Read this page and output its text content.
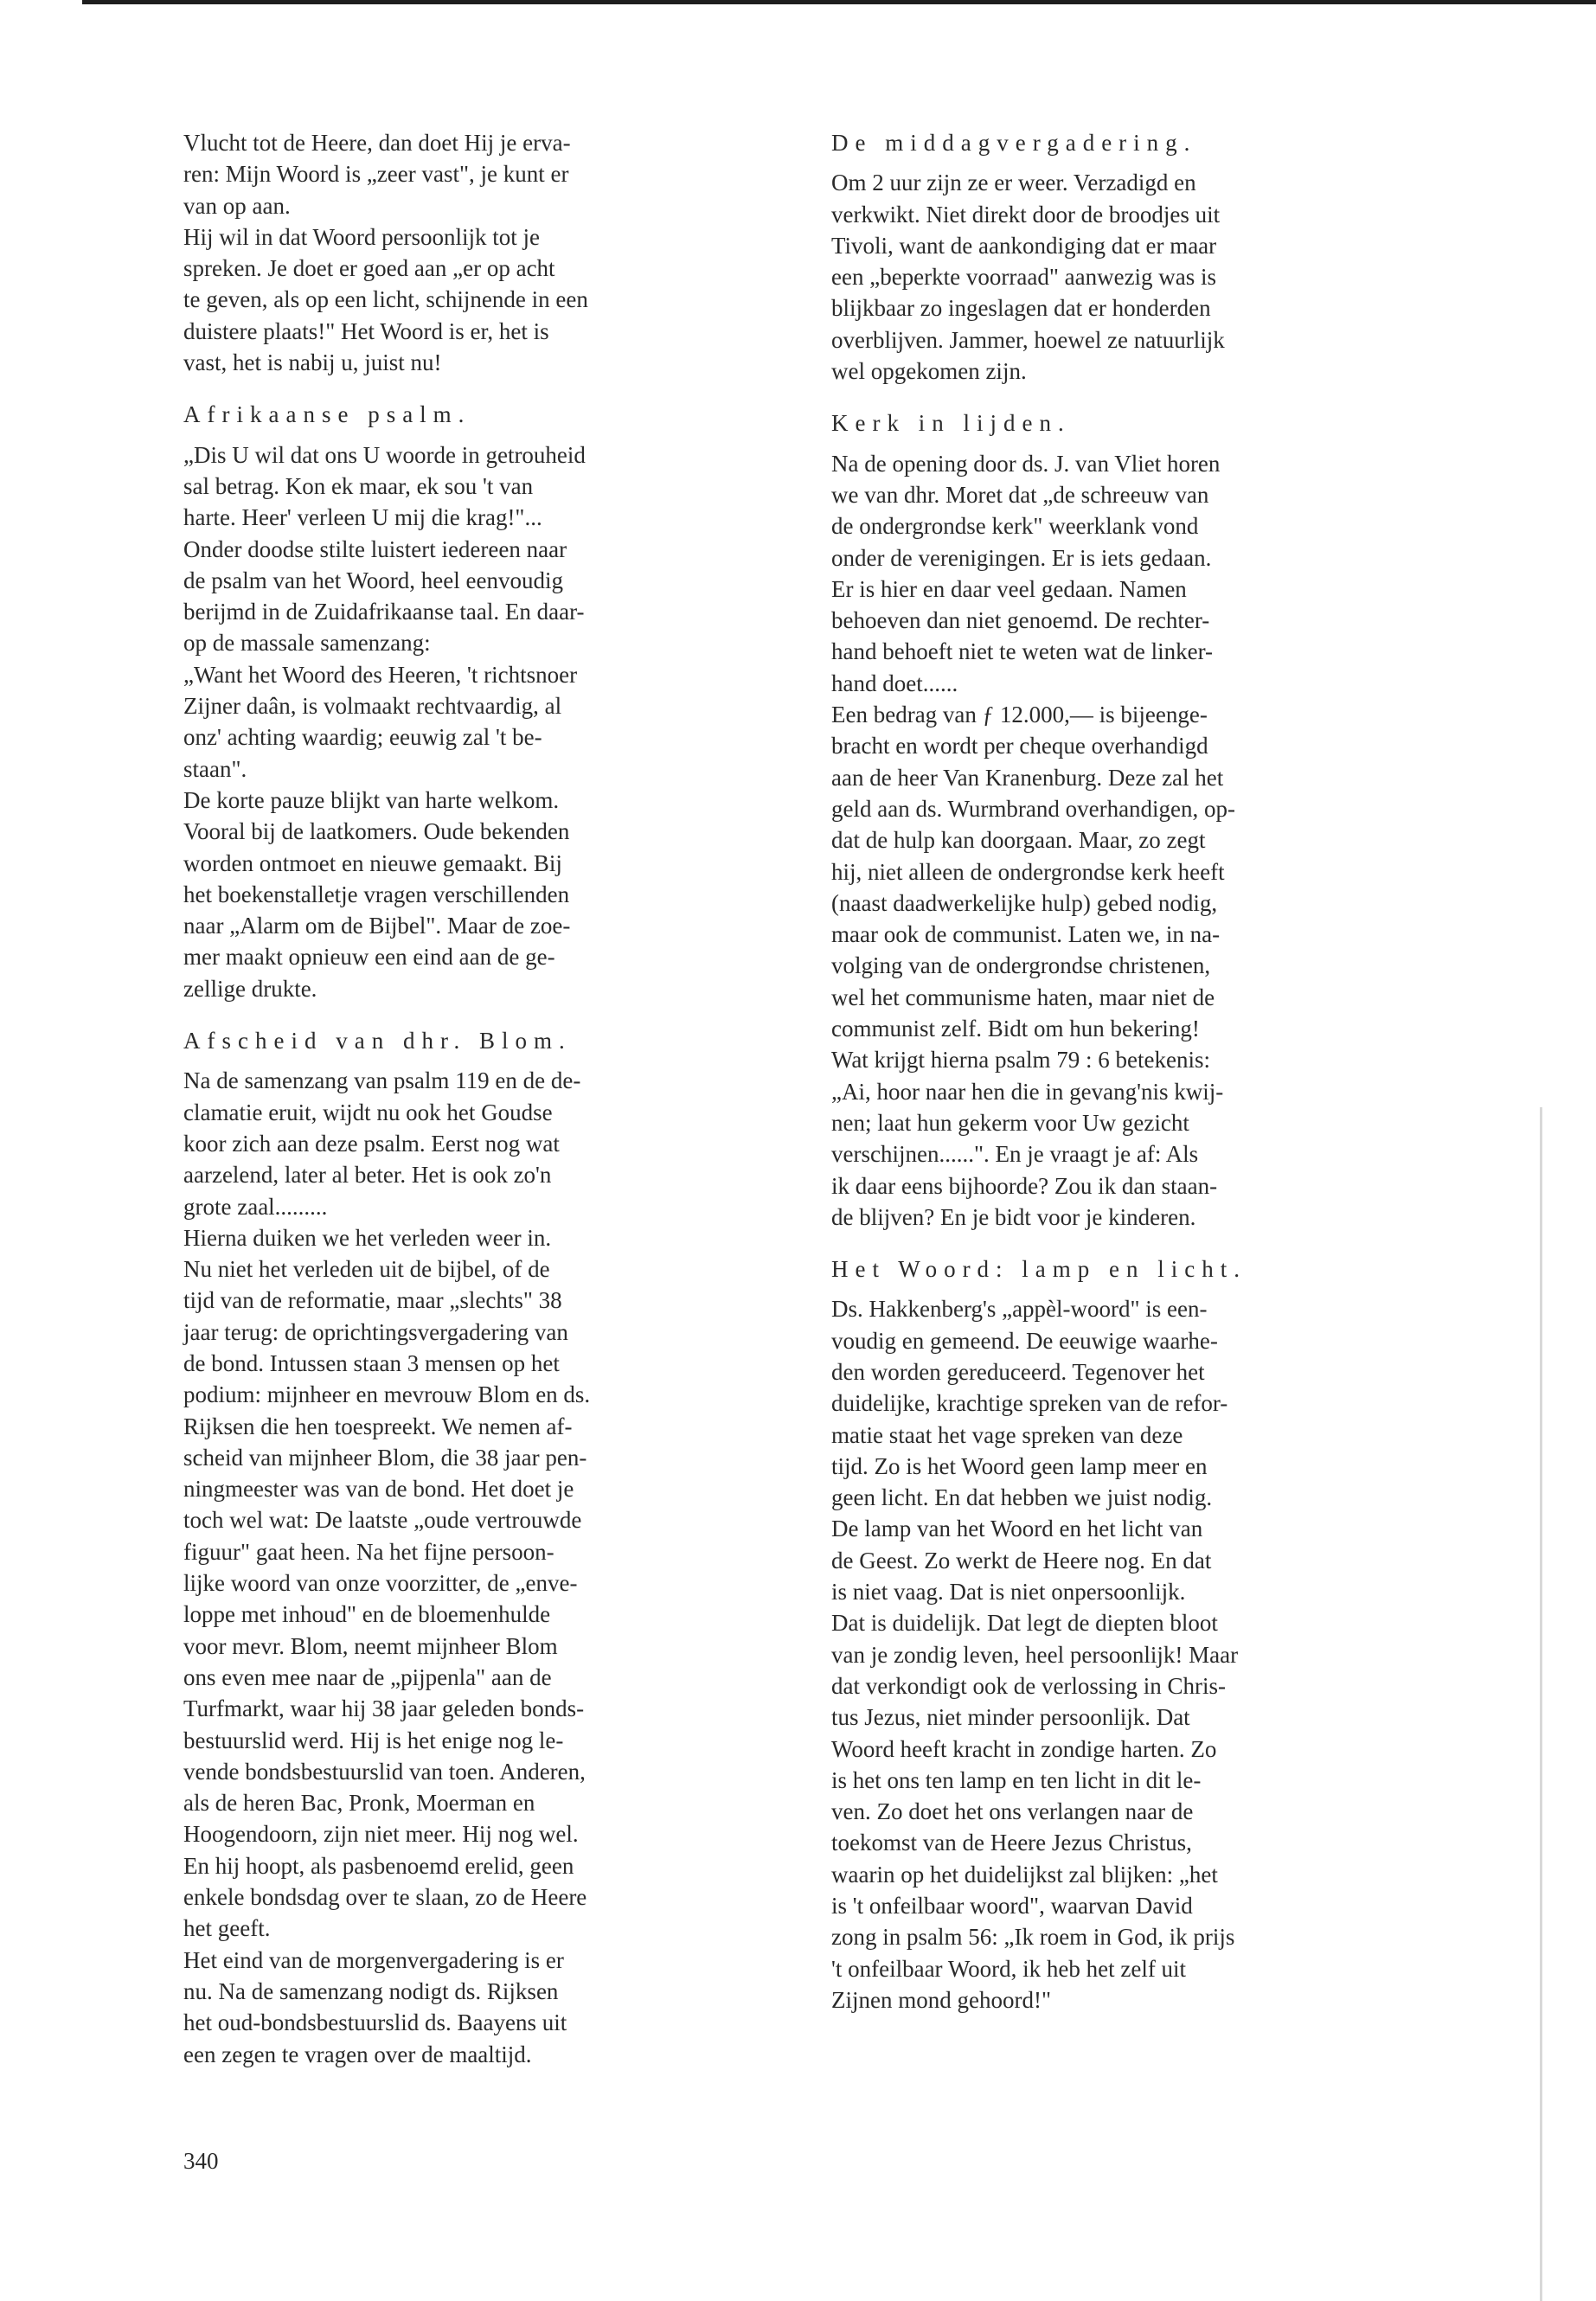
Vlucht tot de Heere, dan doet Hij je erva-
ren: Mijn Woord is „zeer vast", je kunt er
van op aan.
Hij wil in dat Woord persoonlijk tot je
spreken. Je doet er goed aan „er op acht
te geven, als op een licht, schijnende in een
duistere plaats!" Het Woord is er, het is
vast, het is nabij u, juist nu!

Afrikaanse psalm.

„Dis U wil dat ons U woorde in getrouheid
sal betrag. Kon ek maar, ek sou 't van
harte. Heer' verleen U mij die krag!"...
Onder doodse stilte luistert iedereen naar
de psalm van het Woord, heel eenvoudig
berijmd in de Zuidafrikaanse taal. En daar-
op de massale samenzang:
„Want het Woord des Heeren, 't richtsnoer
Zijner daân, is volmaakt rechtvaardig, al
onz' achting waardig; eeuwig zal 't be-
staan".
De korte pauze blijkt van harte welkom.
Vooral bij de laatkomers. Oude bekenden
worden ontmoet en nieuwe gemaakt. Bij
het boekenstalletje vragen verschillenden
naar „Alarm om de Bijbel". Maar de zoe-
mer maakt opnieuw een eind aan de ge-
zellige drukte.

Afscheid van dhr. Blom.

Na de samenzang van psalm 119 en de de-
clamatie eruit, wijdt nu ook het Goudse
koor zich aan deze psalm. Eerst nog wat
aarzelend, later al beter. Het is ook zo'n
grote zaal.........
Hierna duiken we het verleden weer in.
Nu niet het verleden uit de bijbel, of de
tijd van de reformatie, maar „slechts" 38
jaar terug: de oprichtingsvergadering van
de bond. Intussen staan 3 mensen op het
podium: mijnheer en mevrouw Blom en ds.
Rijksen die hen toespreekt. We nemen af-
scheid van mijnheer Blom, die 38 jaar pen-
ningmeester was van de bond. Het doet je
toch wel wat: De laatste „oude vertrouwde
figuur" gaat heen. Na het fijne persoon-
lijke woord van onze voorzitter, de „enve-
loppe met inhoud" en de bloemenhulde
voor mevr. Blom, neemt mijnheer Blom
ons even mee naar de „pijpenla" aan de
Turfmarkt, waar hij 38 jaar geleden bonds-
bestuurslid werd. Hij is het enige nog le-
vende bondsbestuurslid van toen. Anderen,
als de heren Bac, Pronk, Moerman en
Hoogendoorn, zijn niet meer. Hij nog wel.
En hij hoopt, als pasbenoemd erelid, geen
enkele bondsdag over te slaan, zo de Heere
het geeft.
Het eind van de morgenvergadering is er
nu. Na de samenzang nodigt ds. Rijksen
het oud-bondsbestuurslid ds. Baayens uit
een zegen te vragen over de maaltijd.

De middagvergadering.

Om 2 uur zijn ze er weer. Verzadigd en
verkwikt. Niet direkt door de broodjes uit
Tivoli, want de aankondiging dat er maar
een „beperkte voorraad" aanwezig was is
blijkbaar zo ingeslagen dat er honderden
overblijven. Jammer, hoewel ze natuurlijk
wel opgekomen zijn.

Kerk in lijden.

Na de opening door ds. J. van Vliet horen
we van dhr. Moret dat „de schreeuw van
de ondergrondse kerk" weerklank vond
onder de verenigingen. Er is iets gedaan.
Er is hier en daar veel gedaan. Namen
behoeven dan niet genoemd. De rechter-
hand behoeft niet te weten wat de linker-
hand doet......
Een bedrag van ƒ 12.000,— is bijeenge-
bracht en wordt per cheque overhandigd
aan de heer Van Kranenburg. Deze zal het
geld aan ds. Wurmbrand overhandigen, op-
dat de hulp kan doorgaan. Maar, zo zegt
hij, niet alleen de ondergrondse kerk heeft
(naast daadwerkelijke hulp) gebed nodig,
maar ook de communist. Laten we, in na-
volging van de ondergrondse christenen,
wel het communisme haten, maar niet de
communist zelf. Bidt om hun bekering!
Wat krijgt hierna psalm 79 : 6 betekenis:
„Ai, hoor naar hen die in gevang'nis kwij-
nen; laat hun gekerm voor Uw gezicht
verschijnen......". En je vraagt je af: Als
ik daar eens bijhoorde? Zou ik dan staan-
de blijven? En je bidt voor je kinderen.

Het Woord: lamp en licht.

Ds. Hakkenberg's „appèl-woord" is een-
voudig en gemeend. De eeuwige waarhe-
den worden gereduceerd. Tegenover het
duidelijke, krachtige spreken van de refor-
matie staat het vage spreken van deze
tijd. Zo is het Woord geen lamp meer en
geen licht. En dat hebben we juist nodig.
De lamp van het Woord en het licht van
de Geest. Zo werkt de Heere nog. En dat
is niet vaag. Dat is niet onpersoonlijk.
Dat is duidelijk. Dat legt de diepten bloot
van je zondig leven, heel persoonlijk! Maar
dat verkondigt ook de verlossing in Chris-
tus Jezus, niet minder persoonlijk. Dat
Woord heeft kracht in zondige harten. Zo
is het ons ten lamp en ten licht in dit le-
ven. Zo doet het ons verlangen naar de
toekomst van de Heere Jezus Christus,
waarin op het duidelijkst zal blijken: „het
is 't onfeilbaar woord", waarvan David
zong in psalm 56: „Ik roem in God, ik prijs
't onfeilbaar Woord, ik heb het zelf uit
Zijnen mond gehoord!"

340
